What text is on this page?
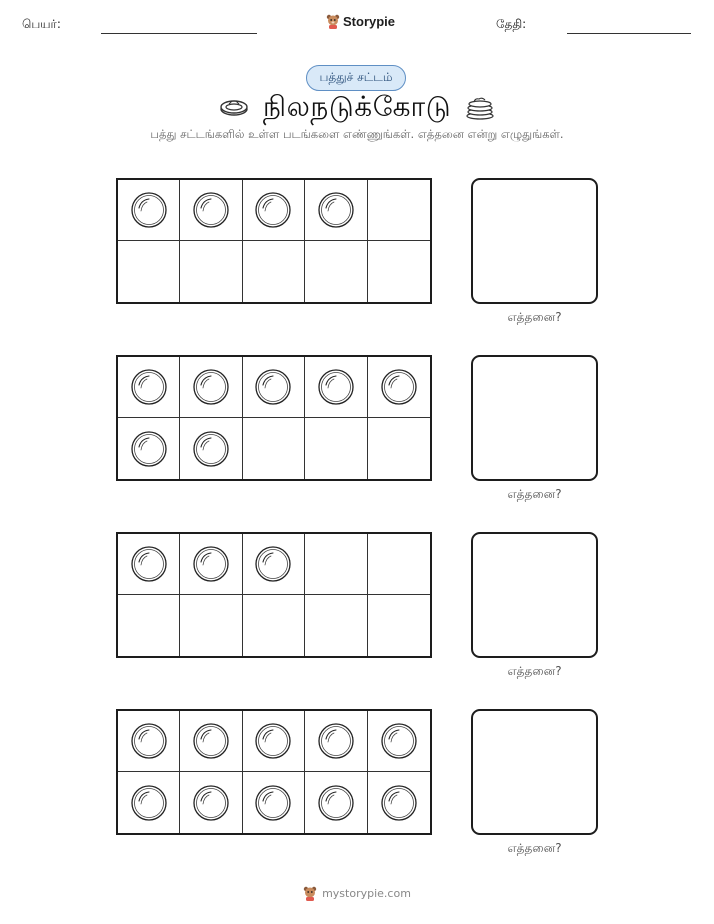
பெயர்:	Storypie	தேதி:
பத்துச் சட்டம்
நிலநடுக்கோடு
பத்து சட்டங்களில் உள்ள படங்களை எண்ணுங்கள். எத்தனை என்று எழுதுங்கள்.
எத்தனை?
எத்தனை?
எத்தனை?
எத்தனை?
mystorypie.com
